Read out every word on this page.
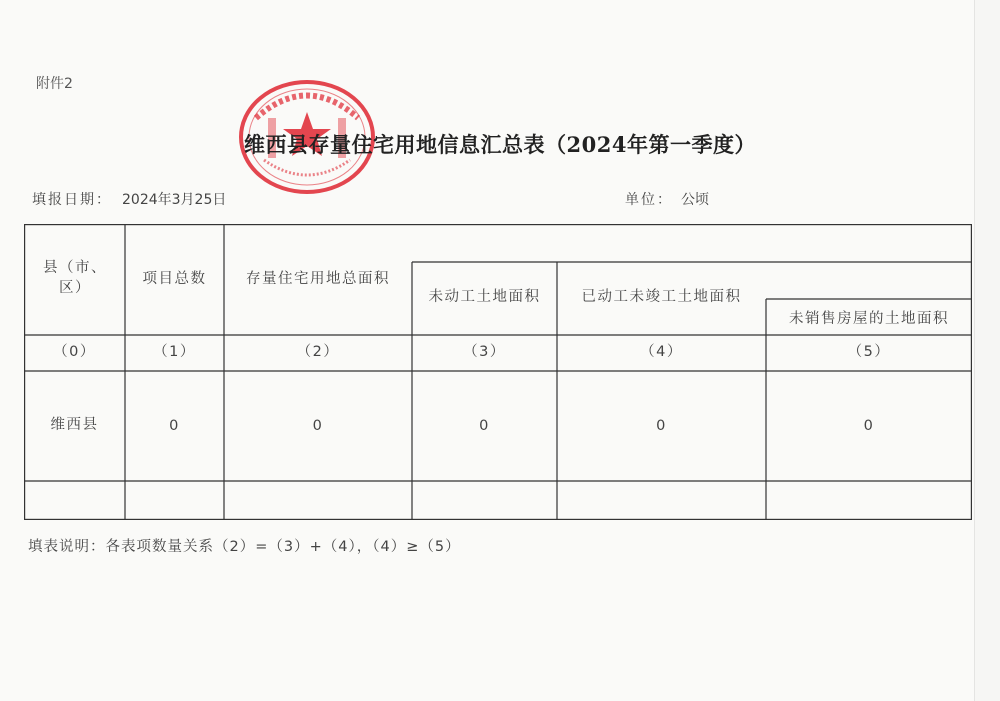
附件2
维西县存量住宅用地信息汇总表（2024年第一季度）
填报日期： 2024年3月25日	单位： 公顷
县（市、区）
项目总数	存量住宅用地总面积
未动工土地面积	已动工未竣工土地面积
未销售房屋的土地面积
（0）	（1）	（2）	（3）	（4）	（5）
维西县	0	0	0	0	0
填表说明：各表项数量关系（2）=（3）+（4），（4）≥（5）
